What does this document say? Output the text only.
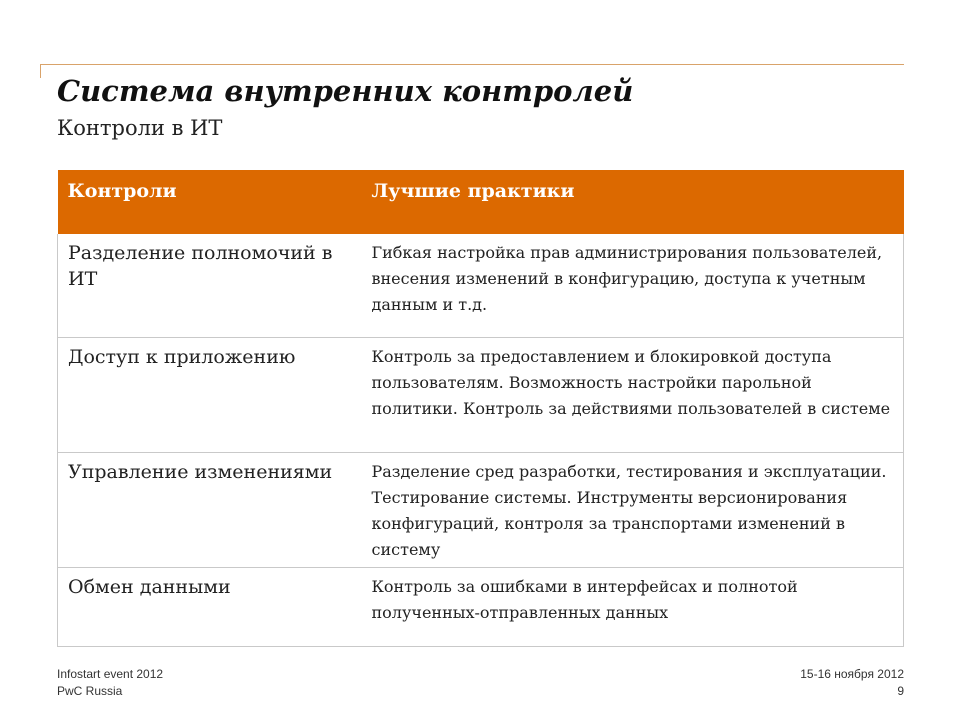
Система внутренних контролей
Контроли в ИТ
Контроли	Лучшие практики
Разделение полномочий в ИТ	Гибкая настройка прав администрирования пользователей, внесения изменений в конфигурацию, доступа к учетным данным и т.д.
Доступ к приложению	Контроль за предоставлением и блокировкой доступа пользователям. Возможность настройки парольной политики. Контроль за действиями пользователей в системе
Управление изменениями	Разделение сред разработки, тестирования и эксплуатации. Тестирование системы. Инструменты версионирования конфигураций, контроля за транспортами изменений в систему
Обмен данными	Контроль за ошибками в интерфейсах и полнотой полученных-отправленных данных
Infostart event 2012
PwC Russia
15-16 ноября 2012
9
